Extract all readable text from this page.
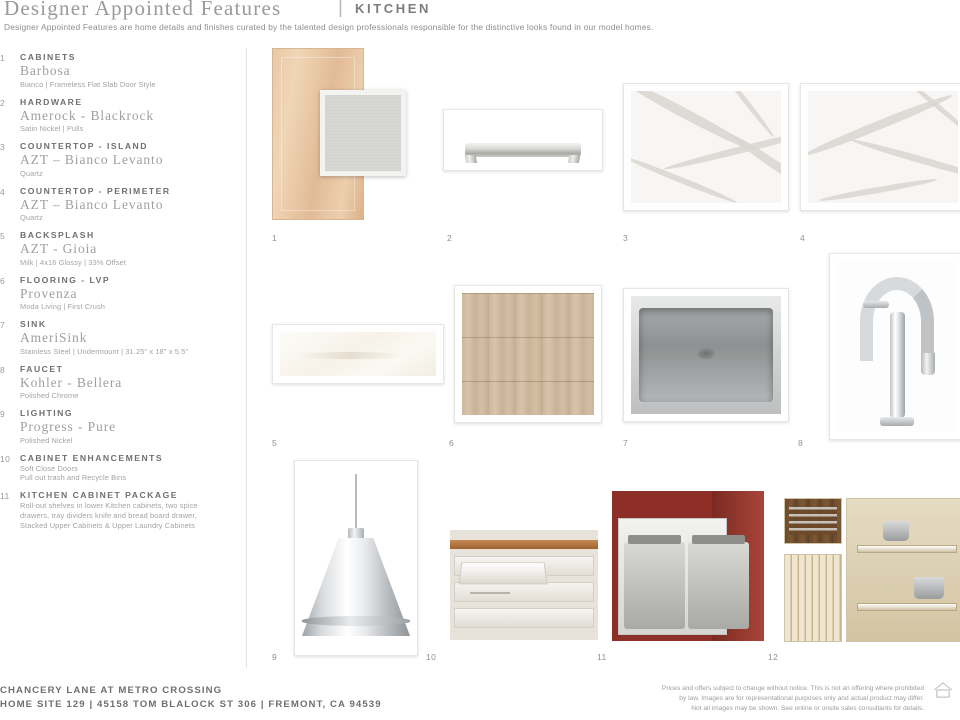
Designer Appointed Features	| KITCHEN
Designer Appointed Features are home details and finishes curated by the talented design professionals responsible for the distinctive looks found in our model homes.
1 CABINETS
Barbosa
Bianco | Frameless Flat Slab Door Style
2 HARDWARE
Amerock - Blackrock
Satin Nickel | Pulls
3 COUNTERTOP - ISLAND
AZT – Bianco Levanto
Quartz
4 COUNTERTOP - PERIMETER
AZT – Bianco Levanto
Quartz
5 BACKSPLASH
AZT - Gioia
Milk | 4x16 Glossy | 33% Offset
6 FLOORING - LVP
Provenza
Moda Living | First Crush
7 SINK
AmeriSink
Stainless Steel | Undermount | 31.25" x 18" x 5.5"
8 FAUCET
Kohler - Bellera
Polished Chrome
9 LIGHTING
Progress - Pure
Polished Nickel
10 CABINET ENHANCEMENTS
Soft Close Doors
Pull out trash and Recycle Bins
11 KITCHEN CABINET PACKAGE
Roll-out shelves in lower Kitchen cabinets, two spice
drawers, tray dividers knife and bread board drawer,
Stacked Upper Cabinets & Upper Laundry Cabinets
1	2	3	4
5	6	7	8
9	10	11	12
CHANCERY LANE AT METRO CROSSING
HOME SITE 129 | 45158 TOM BLALOCK ST 306 | FREMONT, CA 94539
Prices and offers subject to change without notice. This is not an offering where prohibited
by law. Images are for representational purposes only and actual product may differ.
Not all images may be shown. See online or onsite sales consultants for details.
